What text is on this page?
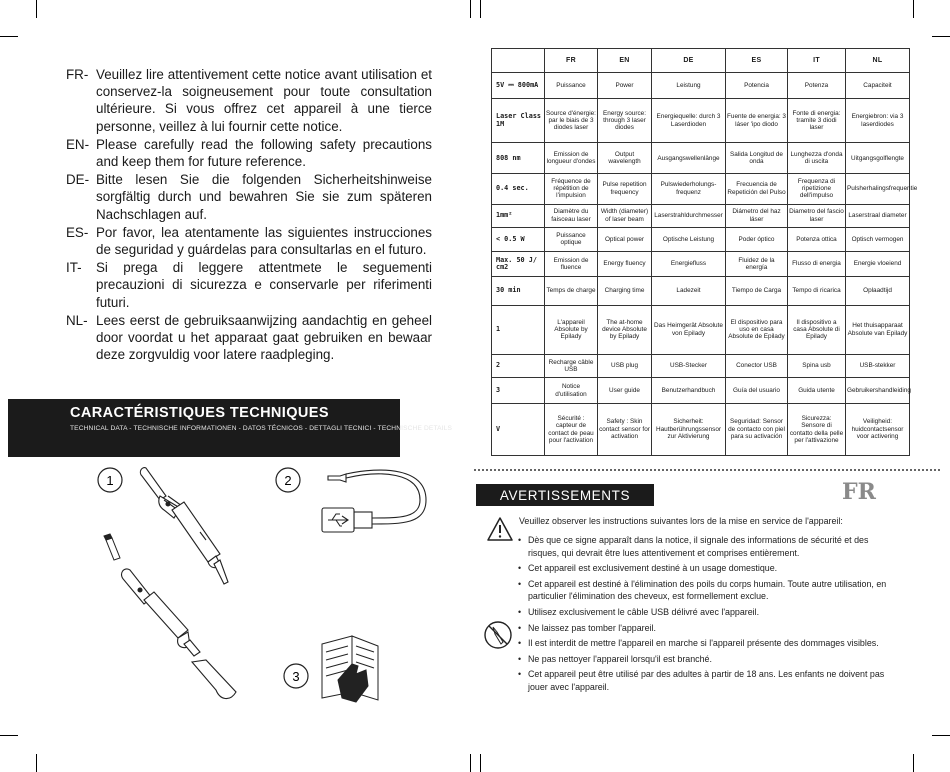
FR- Veuillez lire attentivement cette notice avant utilisation et conservez-la soigneusement pour toute consultation ultérieure. Si vous offrez cet appareil à une tierce personne, veillez à lui fournir cette notice.
EN- Please carefully read the following safety precautions and keep them for future reference.
DE- Bitte lesen Sie die folgenden Sicherheitshinweise sorgfältig durch und bewahren Sie sie zum späteren Nachschlagen auf.
ES- Por favor, lea atentamente las siguientes instrucciones de seguridad y guárdelas para consultarlas en el futuro.
IT-	Si prega di leggere attentmete le seguementi precauzioni di sicurezza e conservarle per riferimenti futuri.
NL- Lees eerst de gebruiksaanwijzing aandachtig en geheel door voordat u het apparaat gaat gebruiken en bewaar deze zorgvuldig voor latere raadpleging.
CARACTÉRISTIQUES TECHNIQUES
TECHNICAL DATA - TECHNISCHE INFORMATIONEN - DATOS TÉCNICOS - DETTAGLI TECNICI - TECHNISCHE DETAILS
1	2
3
	FR	EN	DE	ES	IT	NL
5V ⎓ 800mA	Puissance	Power	Leistung	Potencia	Potenza	Capaciteit
Laser Class 1M	Source d'énergie: par le biais de 3 diodes laser	Energy source: through 3 laser diodes	Energiequelle: durch 3 Laserdioden	Fuente de energia: 3 láser 'ipo diodo	Fonte di energia: tramite 3 diodi laser	Energiebron: via 3 laserdiodes
808 nm	Emission de longueur d'ondes	Output wavelength	Ausgangswellenlänge	Salida Longitud de onda	Lunghezza d'onda di uscita	Uitgangsgolflengte
0.4 sec.	Fréquence de répétition de l'impulsion	Pulse repetition frequency	Pulswiederholungs-frequenz	Frecuencia de Repetición del Pulso	Frequenza di ripetizione dell'impulso	Pulsherhalingsfrequentie
1mm²	Diamètre du faisceau laser	Width (diameter) of laser beam	Laserstrahldurchmesser	Diámetro del haz láser	Diametro del fascio laser	Laserstraal diameter
< 0.5 W	Puissance optique	Optical power	Optische Leistung	Poder óptico	Potenza ottica	Optisch vermogen
Max. 50 J/ cm2	Emission de fluence	Energy fluency	Energiefluss	Fluidez de la energía	Flusso di energia	Energie vloeiend
30 min	Temps de charge	Charging time	Ladezeit	Tiempo de Carga	Tempo di ricarica	Oplaadtijd
1	L'appareil Absolute by Epilady	The at-home device Absolute by Epilady	Das Heimgerät Absolute von Epilady	El dispositivo para uso en casa Absolute de Epilady	Il dispositivo a casa Absolute di Epilady	Het thuisapparaat Absolute van Epilady
2	Recharge câble USB	USB plug	USB-Stecker	Conector USB	Spina usb	USB-stekker
3	Notice d'utilisation	User guide	Benutzerhandbuch	Guía del usuario	Guida utente	Gebruikershandleiding
V	Sécurité : capteur de contact de peau pour l'activation	Safety : Skin contact sensor for activation	Sicherheit: Hautberührungssensor zur Aktivierung	Seguridad: Sensor de contacto con piel para su activación	Sicurezza: Sensore di contatto della pelle per l'attivazione	Veiligheid: huidcontactsensor voor activering
AVERTISSEMENTS	FR
Veuillez observer les instructions suivantes lors de la mise en service de l'appareil:
• Dès que ce signe apparaît dans la notice, il signale des informations de sécurité et des risques, qui devrait être lues attentivement et comprises entièrement.
• Cet appareil est exclusivement destiné à un usage domestique.
• Cet appareil est destiné à l'élimination des poils du corps humain. Toute autre utilisation, en particulier l'élimination des cheveux, est formellement exclue.
• Utilisez exclusivement le câble USB délivré avec l'appareil.
• Ne laissez pas tomber l'appareil.
• Il est interdit de mettre l'appareil en marche si l'appareil présente des dommages visibles.
• Ne pas nettoyer l'appareil lorsqu'il est branché.
• Cet appareil peut être utilisé par des adultes à partir de 18 ans. Les enfants ne doivent pas jouer avec l'appareil.
